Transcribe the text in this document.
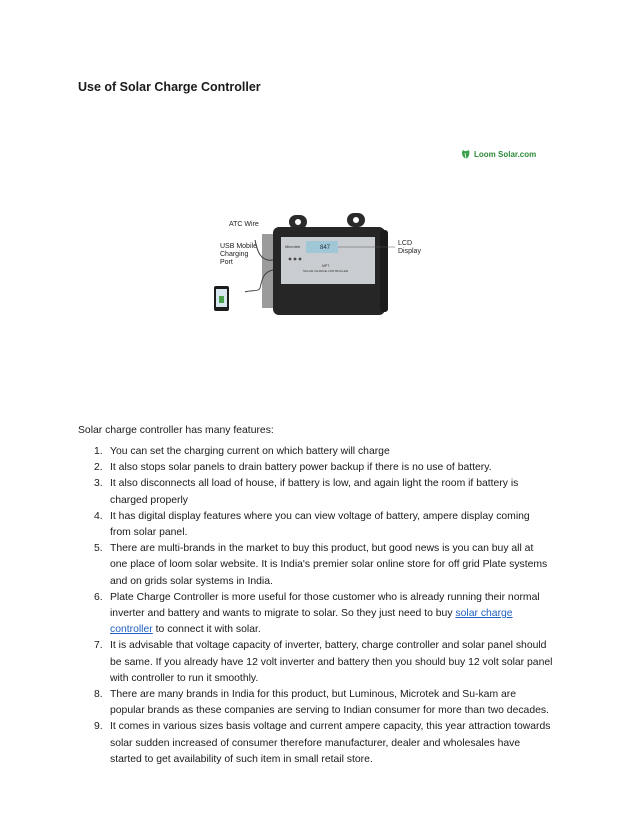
Use of Solar Charge Controller
Loom Solar.com
ATC Wire
USB Mobile
Charging
Port
LCD
Display
Microtek	847
MPT
SOLAR CHARGE CONTROLLER
Solar charge controller has many features:
1. You can set the charging current on which battery will charge
2. It also stops solar panels to drain battery power backup if there is no use of battery.
3. It also disconnects all load of house, if battery is low, and again light the room if battery is
charged properly
4. It has digital display features where you can view voltage of battery, ampere display coming
from solar panel.
5. There are multi-brands in the market to buy this product, but good news is you can buy all at
one place of loom solar website. It is India's premier solar online store for off grid Plate systems
and on grids solar systems in India.
6. Plate Charge Controller is more useful for those customer who is already running their normal
inverter and battery and wants to migrate to solar. So they just need to buy solar charge
controller to connect it with solar.
7. It is advisable that voltage capacity of inverter, battery, charge controller and solar panel should
be same. If you already have 12 volt inverter and battery then you should buy 12 volt solar panel
with controller to run it smoothly.
8. There are many brands in India for this product, but Luminous, Microtek and Su-kam are
popular brands as these companies are serving to Indian consumer for more than two decades.
9. It comes in various sizes basis voltage and current ampere capacity, this year attraction towards
solar sudden increased of consumer therefore manufacturer, dealer and wholesales have
started to get availability of such item in small retail store.
